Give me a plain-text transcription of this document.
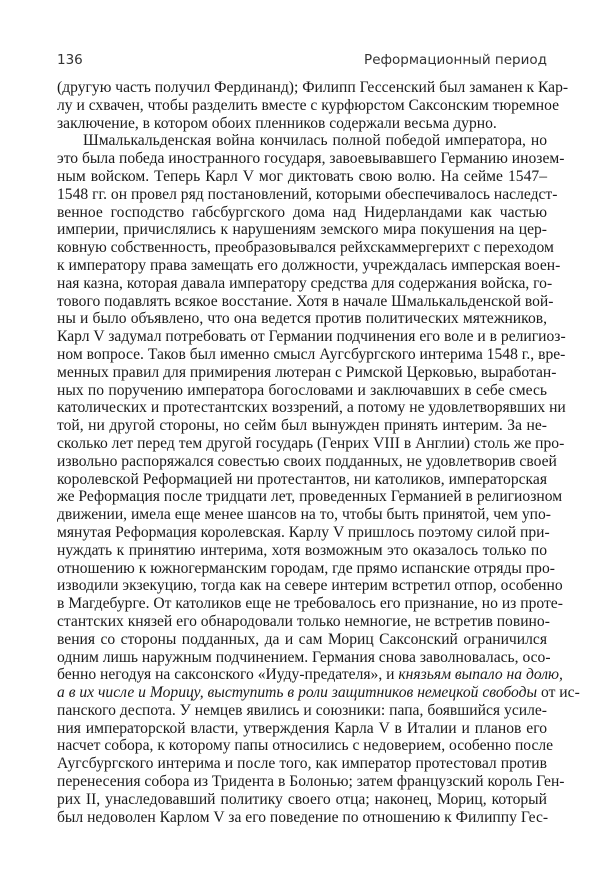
136	Реформационный период
(другую часть получил Фердинанд); Филипп Гессенский был заманен к Кар-
лу и схвачен, чтобы разделить вместе с курфюрстом Саксонским тюремное
заключение, в котором обоих пленников содержали весьма дурно.
Шмалькальденская война кончилась полной победой императора, но
это была победа иностранного государя, завоевывавшего Германию инозем-
ным войском. Теперь Карл V мог диктовать свою волю. На сейме 1547–
1548 гг. он провел ряд постановлений, которыми обеспечивалось наследст-
венное господство габсбургского дома над Нидерландами как частью
империи, причислялись к нарушениям земского мира покушения на цер-
ковную собственность, преобразовывался рейхскаммергерихт с переходом
к императору права замещать его должности, учреждалась имперская воен-
ная казна, которая давала императору средства для содержания войска, го-
тового подавлять всякое восстание. Хотя в начале Шмалькальденской вой-
ны и было объявлено, что она ведется против политических мятежников,
Карл V задумал потребовать от Германии подчинения его воле и в религиоз-
ном вопросе. Таков был именно смысл Аугсбургского интерима 1548 г., вре-
менных правил для примирения лютеран с Римской Церковью, выработан-
ных по поручению императора богословами и заключавших в себе смесь
католических и протестантских воззрений, а потому не удовлетворявших ни
той, ни другой стороны, но сейм был вынужден принять интерим. За не-
сколько лет перед тем другой государь (Генрих VIII в Англии) столь же про-
извольно распоряжался совестью своих подданных, не удовлетворив своей
королевской Реформацией ни протестантов, ни католиков, императорская
же Реформация после тридцати лет, проведенных Германией в религиозном
движении, имела еще менее шансов на то, чтобы быть принятой, чем упо-
мянутая Реформация королевская. Карлу V пришлось поэтому силой при-
нуждать к принятию интерима, хотя возможным это оказалось только по
отношению к южногерманским городам, где прямо испанские отряды про-
изводили экзекуцию, тогда как на севере интерим встретил отпор, особенно
в Магдебурге. От католиков еще не требовалось его признание, но из проте-
стантских князей его обнародовали только немногие, не встретив повино-
вения со стороны подданных, да и сам Мориц Саксонский ограничился
одним лишь наружным подчинением. Германия снова заволновалась, осо-
бенно негодуя на саксонского «Иуду-предателя», и князьям выпало на долю,
а в их числе и Морицу, выступить в роли защитников немецкой свободы от ис-
панского деспота. У немцев явились и союзники: папа, боявшийся усиле-
ния императорской власти, утверждения Карла V в Италии и планов его
насчет собора, к которому папы относились с недоверием, особенно после
Аугсбургского интерима и после того, как император протестовал против
перенесения собора из Тридента в Болонью; затем французский король Ген-
рих II, унаследовавший политику своего отца; наконец, Мориц, который
был недоволен Карлом V за его поведение по отношению к Филиппу Гес-
